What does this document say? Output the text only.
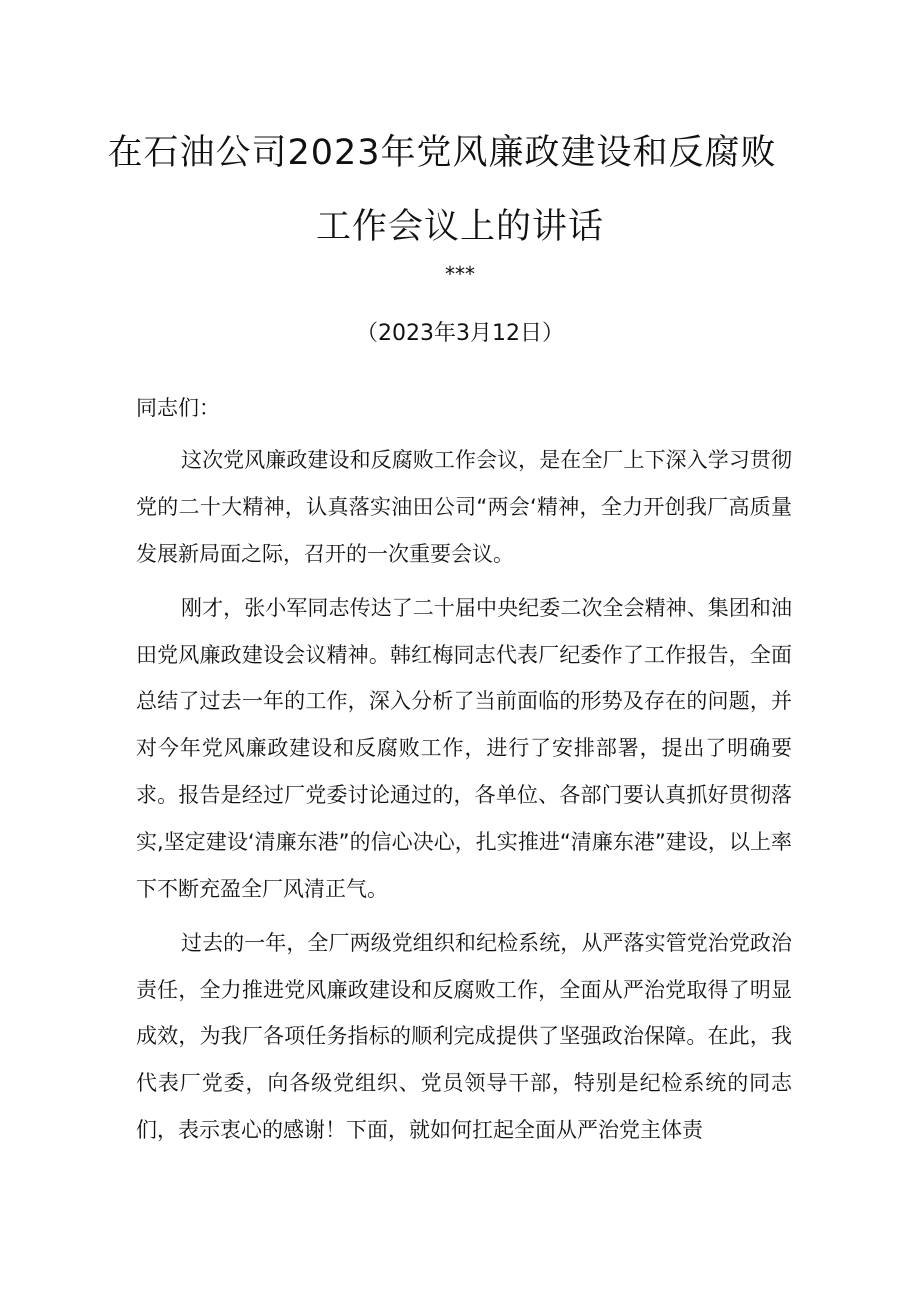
在石油公司2023年党风廉政建设和反腐败
工作会议上的讲话
***
（2023年3月12日）
同志们：

这次党风廉政建设和反腐败工作会议，是在全厂上下深入学习贯彻党的二十大精神，认真落实油田公司“两会‘精神，全力开创我厂高质量发展新局面之际，召开的一次重要会议。

刚才，张小军同志传达了二十届中央纪委二次全会精神、集团和油田党风廉政建设会议精神。韩红梅同志代表厂纪委作了工作报告，全面总结了过去一年的工作，深入分析了当前面临的形势及存在的问题，并对今年党风廉政建设和反腐败工作，进行了安排部署，提出了明确要求。报告是经过厂党委讨论通过的，各单位、各部门要认真抓好贯彻落实,坚定建设‘清廉东港”的信心决心，扎实推进“清廉东港”建设，以上率下不断充盈全厂风清正气。

过去的一年，全厂两级党组织和纪检系统，从严落实管党治党政治责任，全力推进党风廉政建设和反腐败工作，全面从严治党取得了明显成效，为我厂各项任务指标的顺利完成提供了坚强政治保障。在此，我代表厂党委，向各级党组织、党员领导干部，特别是纪检系统的同志们，表示衷心的感谢！下面，就如何扛起全面从严治党主体责
